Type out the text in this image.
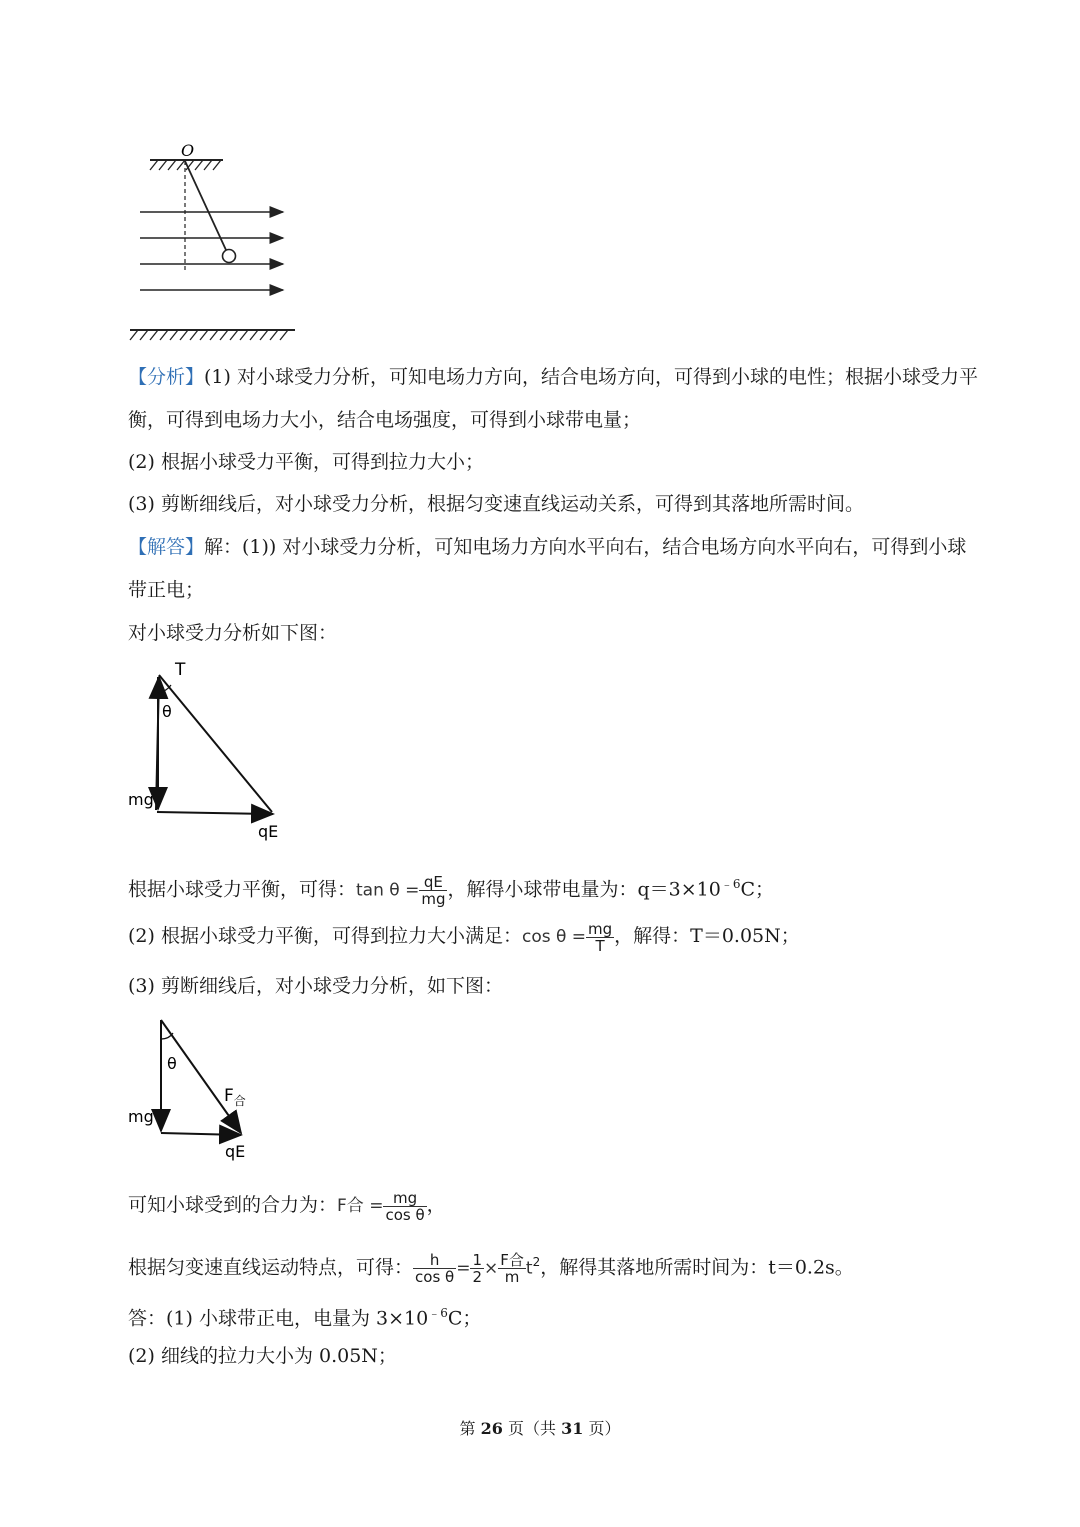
O
【分析】(1) 对小球受力分析，可知电场力方向，结合电场方向，可得到小球的电性；根据小球受力平
衡，可得到电场力大小，结合电场强度，可得到小球带电量；
(2) 根据小球受力平衡，可得到拉力大小；
(3) 剪断细线后，对小球受力分析，根据匀变速直线运动关系，可得到其落地所需时间。
【解答】解：(1)) 对小球受力分析，可知电场力方向水平向右，结合电场方向水平向右，可得到小球
带正电；
对小球受力分析如下图：
T
θ
mg
qE
根据小球受力平衡，可得：$\tan \theta = \frac{qE}{mg}$ ，解得小球带电量为：$q=3\times 10^{﹣6}C$；
(2) 根据小球受力平衡，可得到拉力大小满足：$\cos \theta = \frac{mg}{T}$ ，解得：T＝0.05N；
(3) 剪断细线后，对小球受力分析，如下图：
θ
$F_合$
mg
qE
可知小球受到的合力为：F合 = $\frac{mg}{\text{cos θ}}$ ，
根据匀变速直线运动特点，可得： $\frac{h}{\text{cos θ}} = \frac{1}{2} \times \frac{\text{F合}}{m} t^2$，解得其落地所需时间为：t＝0.2s。
答：(1) 小球带正电，电量为 $3\times 10^{﹣6}C$；
(2) 细线的拉力大小为 0.05N；
第 26 页（共 31 页）
